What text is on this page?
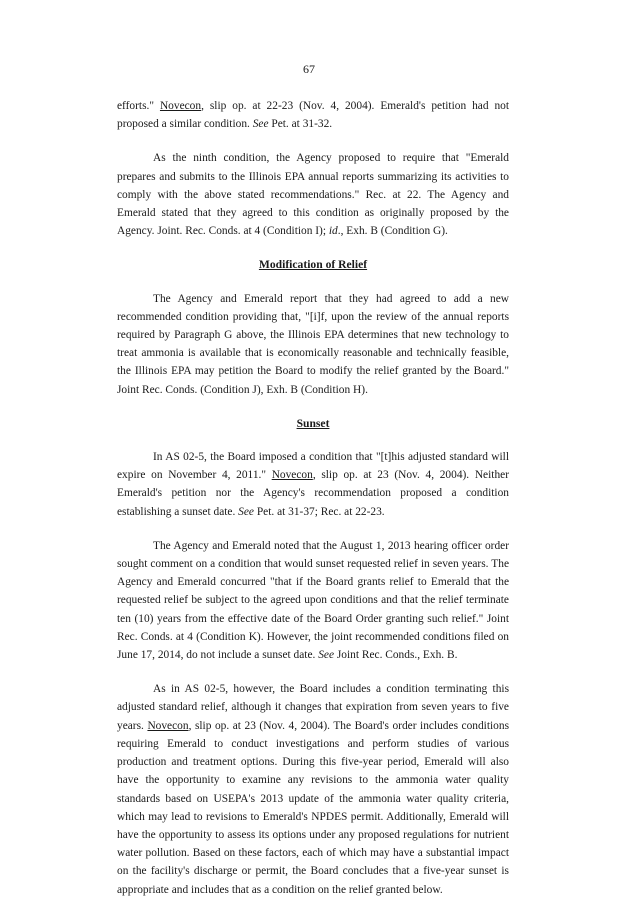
67

efforts." Novecon, slip op. at 22-23 (Nov. 4, 2004). Emerald's petition had not proposed a similar condition. See Pet. at 31-32.

As the ninth condition, the Agency proposed to require that "Emerald prepares and submits to the Illinois EPA annual reports summarizing its activities to comply with the above stated recommendations." Rec. at 22. The Agency and Emerald stated that they agreed to this condition as originally proposed by the Agency. Joint. Rec. Conds. at 4 (Condition I); id., Exh. B (Condition G).

Modification of Relief

The Agency and Emerald report that they had agreed to add a new recommended condition providing that, "[i]f, upon the review of the annual reports required by Paragraph G above, the Illinois EPA determines that new technology to treat ammonia is available that is economically reasonable and technically feasible, the Illinois EPA may petition the Board to modify the relief granted by the Board." Joint Rec. Conds. (Condition J), Exh. B (Condition H).

Sunset

In AS 02-5, the Board imposed a condition that "[t]his adjusted standard will expire on November 4, 2011." Novecon, slip op. at 23 (Nov. 4, 2004). Neither Emerald's petition nor the Agency's recommendation proposed a condition establishing a sunset date. See Pet. at 31-37; Rec. at 22-23.

The Agency and Emerald noted that the August 1, 2013 hearing officer order sought comment on a condition that would sunset requested relief in seven years. The Agency and Emerald concurred "that if the Board grants relief to Emerald that the requested relief be subject to the agreed upon conditions and that the relief terminate ten (10) years from the effective date of the Board Order granting such relief." Joint Rec. Conds. at 4 (Condition K). However, the joint recommended conditions filed on June 17, 2014, do not include a sunset date. See Joint Rec. Conds., Exh. B.

As in AS 02-5, however, the Board includes a condition terminating this adjusted standard relief, although it changes that expiration from seven years to five years. Novecon, slip op. at 23 (Nov. 4, 2004). The Board's order includes conditions requiring Emerald to conduct investigations and perform studies of various production and treatment options. During this five-year period, Emerald will also have the opportunity to examine any revisions to the ammonia water quality standards based on USEPA's 2013 update of the ammonia water quality criteria, which may lead to revisions to Emerald's NPDES permit. Additionally, Emerald will have the opportunity to assess its options under any proposed regulations for nutrient water pollution. Based on these factors, each of which may have a substantial impact on the facility's discharge or permit, the Board concludes that a five-year sunset is appropriate and includes that as a condition on the relief granted below.
